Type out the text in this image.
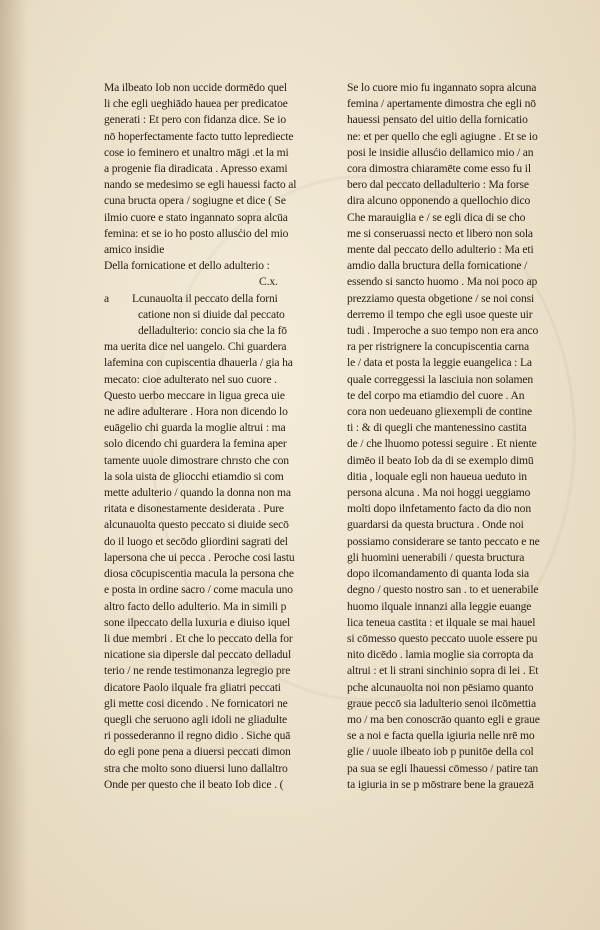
Ma ilbeato Iob non uccide dormēdo quel
li che egli ueghiādo hauea per predicatoe
generati : Et pero con fidanza dice. Se io
nō hoperfectamente facto tutto leprediecte
cose io feminero et unaltro māgi .et la mi
a progenie fia diradicata . Apresso exami
nando se medesimo se egli hauessi facto al
cuna bructa opera / sogiugne et dice ( Se
ilmio cuore e stato ingannato sopra alcūa
femina: et se io ho posto allusćio del mio
amico insidie
Della fornicatione et dello adulterio :
C.x.
a Lcunauolta il peccato della forni
catione non si diuide dal peccato
delladulterio: concio sia che la fō
ma uerita dice nel uangelo. Chi guardera
lafemina con cupiscentia dhauerla / gia ha
mecato: cioe adulterato nel suo cuore .
Questo uerbo meccare in ligua greca uie
ne adire adulterare . Hora non dicendo lo
euāgelio chi guarda la moglie altrui : ma
solo dicendo chi guardera la femina aper
tamente uuole dimostrare chrısto che con
la sola uista de gliocchi etiamdio si com
mette adulterio / quando la donna non ma
ritata e disonestamente desiderata . Pure
alcunauolta questo peccato si diuide secō
do il luogo et secōdo gliordini sagrati del
lapersona che ui pecca . Peroche cosi lastu
diosa cōcupiscentia macula la persona che
e posta in ordine sacro / come macula uno
altro facto dello adulterio. Ma in simili p
sone ilpeccato della luxuria e diuiso iquel
li due membri . Et che lo peccato della for
nicatione sia dipersle dal peccato delladul
terio / ne rende testimonanza legregio pre
dicatore Paolo ilquale fra gliatri peccati
gli mette cosi dicendo . Ne fornicatori ne
quegli che seruono agli idoli ne gliadulte
ri possederanno il regno didio . Siche quā
do egli pone pena a diuersi peccati dimon
stra che molto sono diuersi luno dallaltro
Onde per questo che il beato Iob dice . (
Se lo cuore mio fu ingannato sopra alcuna
femina / apertamente dimostra che egli nō
hauessi pensato del uitio della fornicatio
ne: et per quello che egli agiugne . Et se io
posi le insidie allusćio dellamico mio / an
cora dimostra chiaramēte come esso fu il
bero dal peccato delladulterio : Ma forse
dira alcuno opponendo a quellochio dico
Che marauiglia e / se egli dica di se cho
me si conseruassi necto et libero non sola
mente dal peccato dello adulterio : Ma eti
amdio dalla bructura della fornicatione /
essendo si sancto huomo . Ma noi poco ap
prezziamo questa obgetione / se noi consi
derremo il tempo che egli usoe queste uir
tudi . Imperoche a suo tempo non era anco
ra per ristrignere la concupiscentia carna
le / data et posta la leggie euangelica : La
quale correggessi la lasciuia non solamen
te del corpo ma etiamdio del cuore . An
cora non uedeuano gliexempli de contine
ti : & di quegli che mantenessino castita
de / che lhuomo potessi seguire . Et niente
dimēo il beato Iob da di se exemplo dimū
ditia , loquale egli non haueua ueduto in
persona alcuna . Ma noi hoggi ueggiamo
molti dopo ilnfetamento facto da dio non
guardarsi da questa bructura . Onde noi
possiamo considerare se tanto peccato e ne
gli huomini uenerabili / questa bructura
dopo ilcomandamento di quanta loda sia
degno / questo nostro san . to et uenerabile
huomo ilquale innanzi alla leggie euange
lica teneua castita : et ilquale se mai hauel
si cōmesso questo peccato uuole essere pu
nito dicēdo . lamia moglie sia corropta da
altrui : et li strani sinchinio sopra di lei . Et
pche alcunauolta noi non pēsiamo quanto
graue peccō sia ladulterio senoi ilcōmettia
mo / ma ben conoscrāo quanto egli e graue
se a noi e facta quella igiuria nelle nrē mo
glie / uuole ilbeato iob p punitōe della col
pa sua se egli lhauessi cōmesso / patire tan
ta igiuria in se p mōstrare bene la grauezā
